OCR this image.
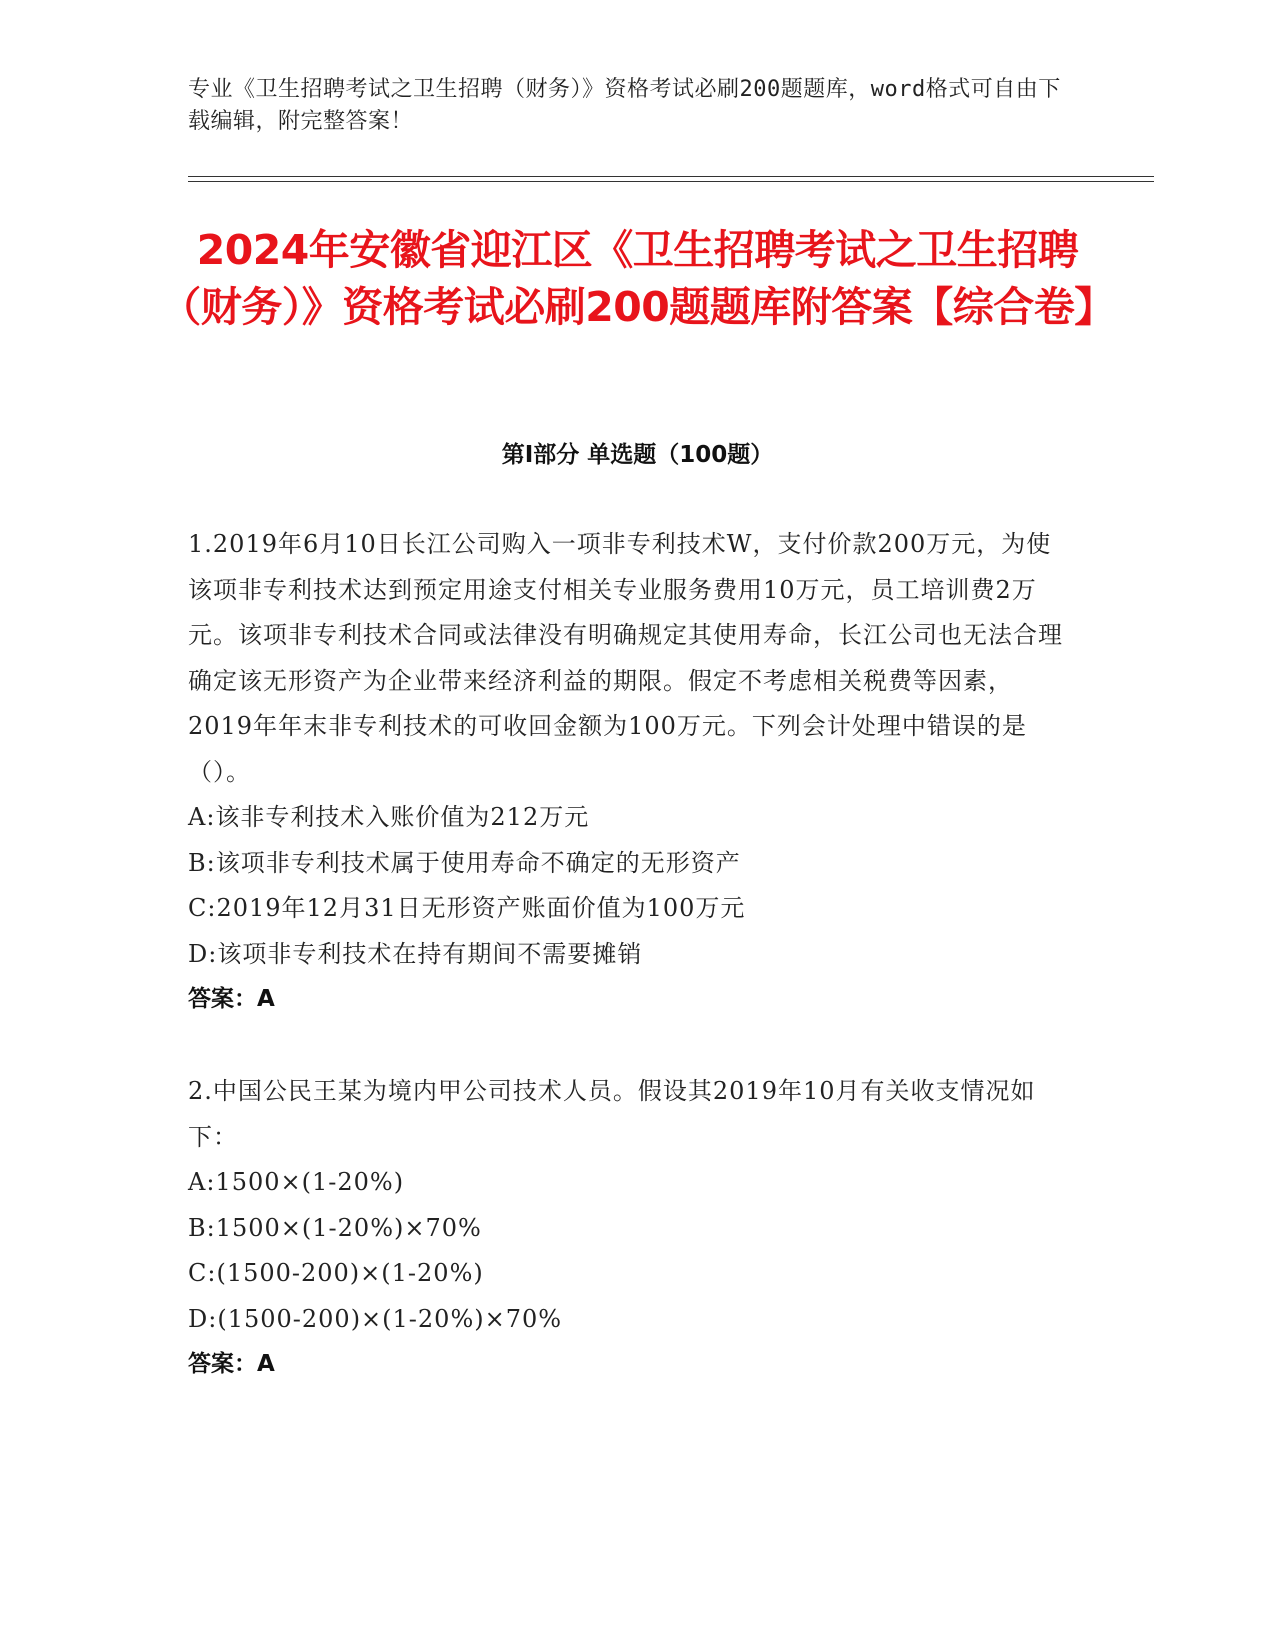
专业《卫生招聘考试之卫生招聘（财务）》资格考试必刷200题题库，word格式可自由下载编辑，附完整答案！
2024年安徽省迎江区《卫生招聘考试之卫生招聘（财务）》资格考试必刷200题题库附答案【综合卷】
第I部分 单选题（100题）
1.2019年6月10日长江公司购入一项非专利技术W，支付价款200万元，为使该项非专利技术达到预定用途支付相关专业服务费用10万元，员工培训费2万元。该项非专利技术合同或法律没有明确规定其使用寿命，长江公司也无法合理确定该无形资产为企业带来经济利益的期限。假定不考虑相关税费等因素，2019年年末非专利技术的可收回金额为100万元。下列会计处理中错误的是（）。
A:该非专利技术入账价值为212万元
B:该项非专利技术属于使用寿命不确定的无形资产
C:2019年12月31日无形资产账面价值为100万元
D:该项非专利技术在持有期间不需要摊销
答案：A
2.中国公民王某为境内甲公司技术人员。假设其2019年10月有关收支情况如下：
A:1500×(1-20%)
B:1500×(1-20%)×70%
C:(1500-200)×(1-20%)
D:(1500-200)×(1-20%)×70%
答案：A
